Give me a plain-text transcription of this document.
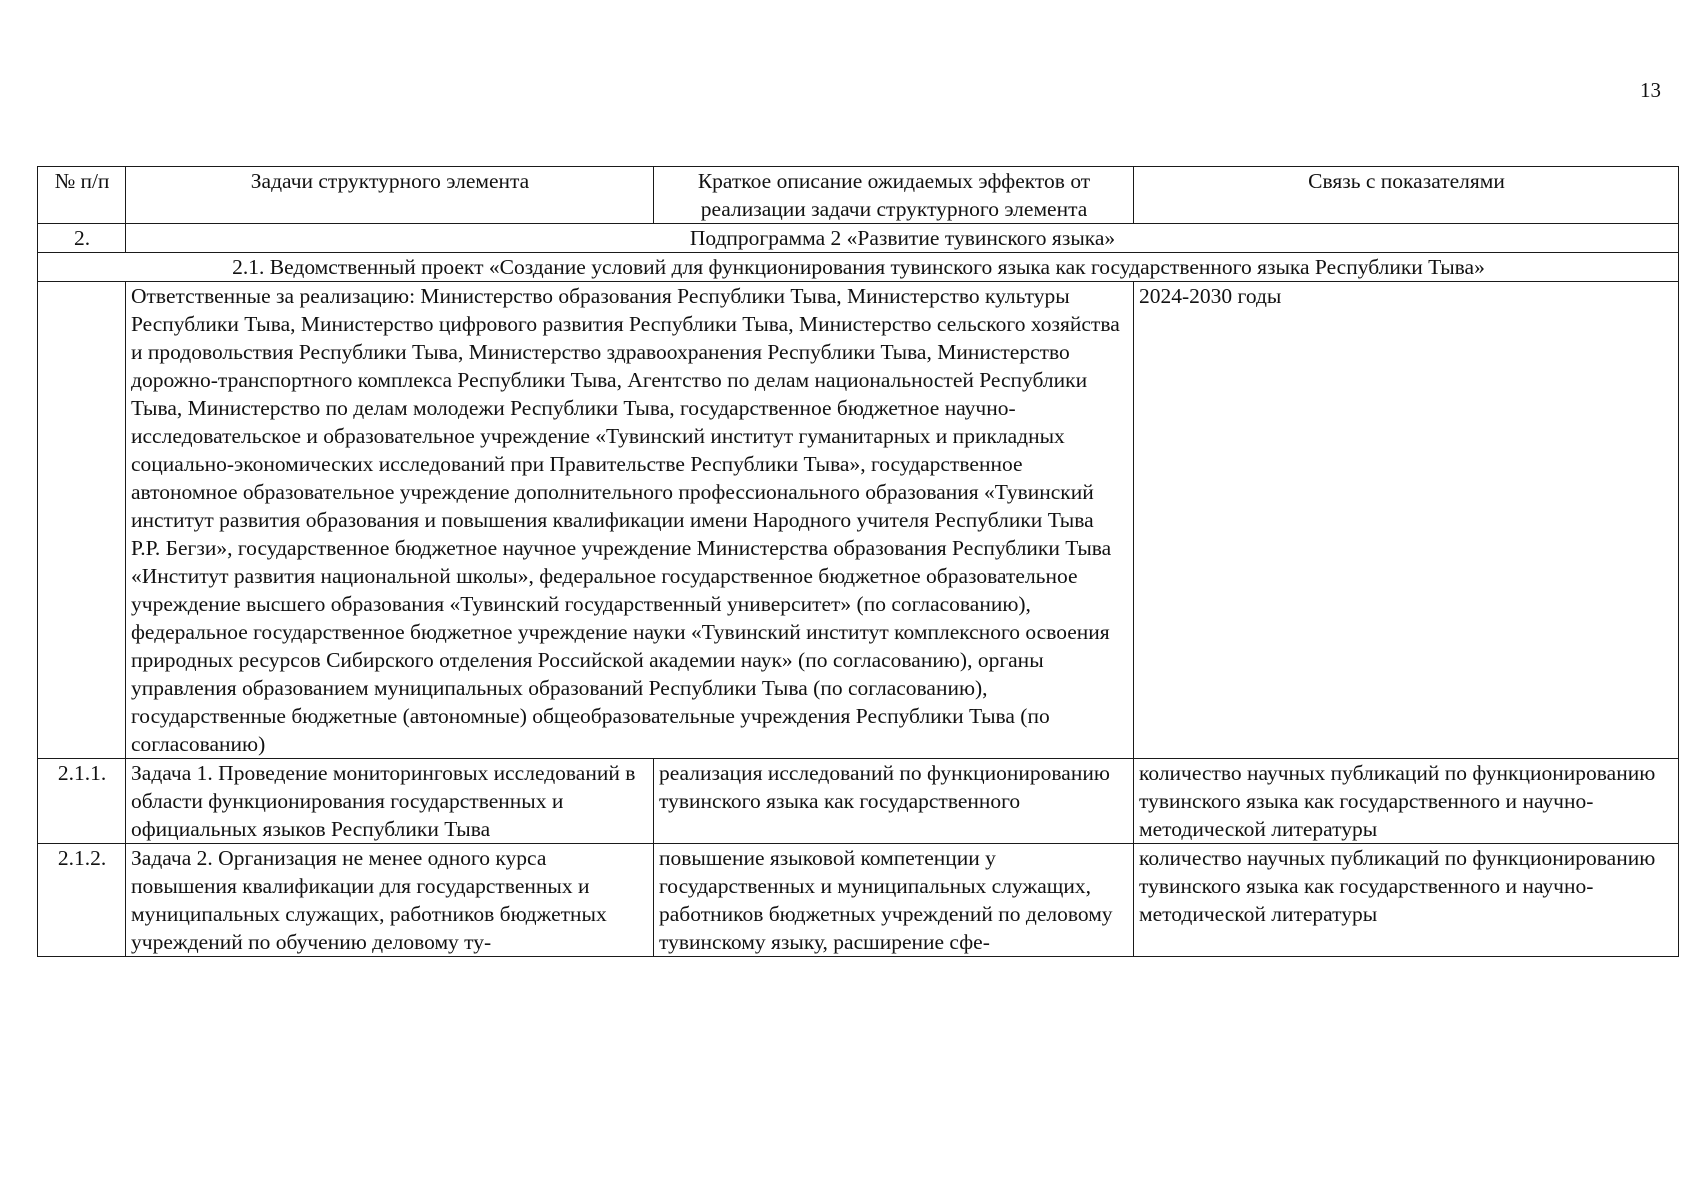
13
№ п/п	Задачи структурного элемента	Краткое описание ожидаемых эффектов от реализации задачи структурного элемента	Связь с показателями
2.	Подпрограмма 2 «Развитие тувинского языка»		
2.1. Ведомственный проект «Создание условий для функционирования тувинского языка как государственного языка Республики Тыва»			
	Ответственные за реализацию: Министерство образования Республики Тыва, Министерство культуры Республики Тыва, Министерство цифрового развития Республики Тыва, Министерство сельского хозяйства и продовольствия Республики Тыва, Министерство здравоохранения Республики Тыва, Министерство дорожно-транспортного комплекса Республики Тыва, Агентство по делам национальностей Республики Тыва, Министерство по делам молодежи Республики Тыва, государственное бюджетное научно-исследовательское и образовательное учреждение «Тувинский институт гуманитарных и прикладных социально-экономических исследований при Правительстве Республики Тыва», государственное автономное образовательное учреждение дополнительного профессионального образования «Тувинский институт развития образования и повышения квалификации имени Народного учителя Республики Тыва Р.Р. Бегзи», государственное бюджетное научное учреждение Министерства образования Республики Тыва «Институт развития национальной школы», федеральное государственное бюджетное образовательное учреждение высшего образования «Тувинский государственный университет» (по согласованию), федеральное государственное бюджетное учреждение науки «Тувинский институт комплексного освоения природных ресурсов Сибирского отделения Российской академии наук» (по согласованию), органы управления образованием муниципальных образований Республики Тыва (по согласованию), государственные бюджетные (автономные) общеобразовательные учреждения Республики Тыва (по согласованию)		2024-2030 годы
2.1.1.	Задача 1. Проведение мониторинговых исследований в области функционирования государственных и официальных языков Республики Тыва	реализация исследований по функционированию тувинского языка как государственного	количество научных публикаций по функционированию тувинского языка как государственного и научно-методической литературы
2.1.2.	Задача 2. Организация не менее одного курса повышения квалификации для государственных и муниципальных служащих, работников бюджетных учреждений по обучению деловому ту-	повышение языковой компетенции у государственных и муниципальных служащих, работников бюджетных учреждений по деловому тувинскому языку, расширение сфе-	количество научных публикаций по функционированию тувинского языка как государственного и научно-методической литературы
